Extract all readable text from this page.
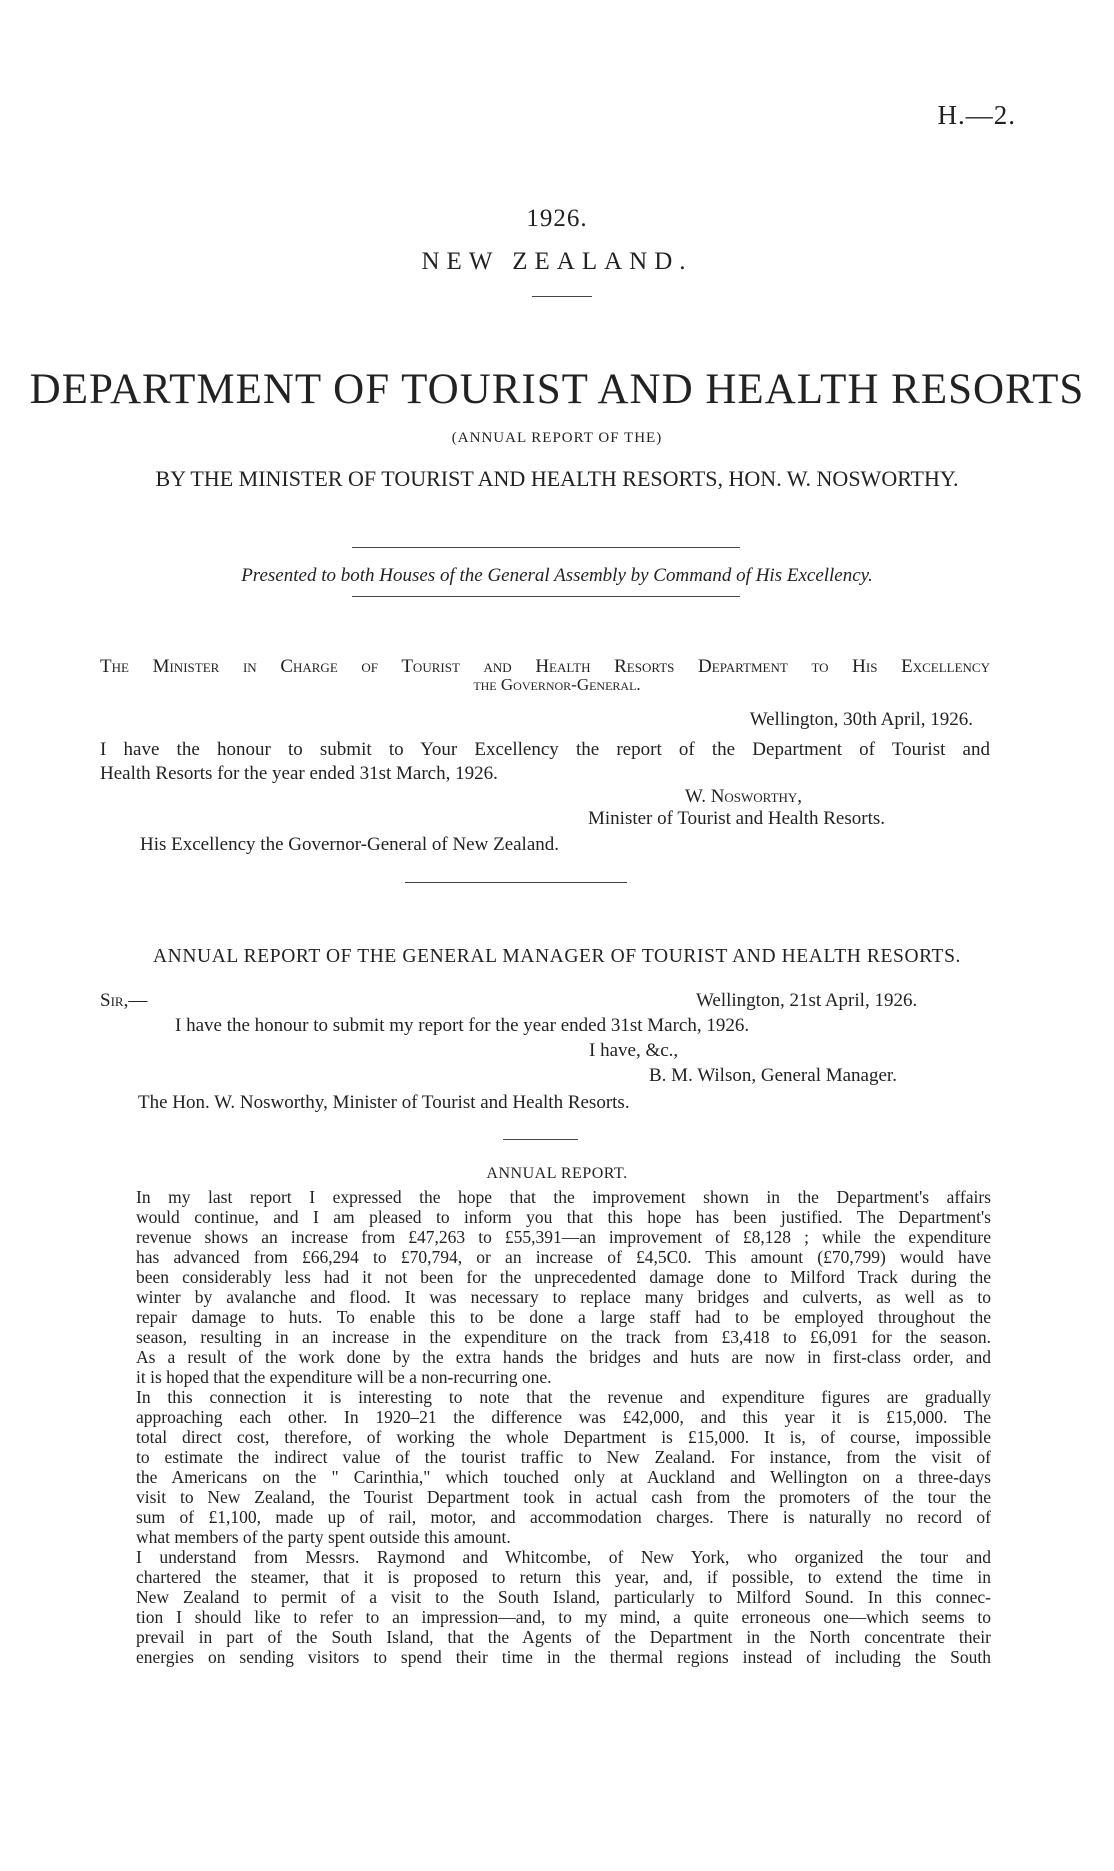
H.—2.
1926.
NEW ZEALAND.
DEPARTMENT OF TOURIST AND HEALTH RESORTS
(ANNUAL REPORT OF THE)
BY THE MINISTER OF TOURIST AND HEALTH RESORTS, HON. W. NOSWORTHY.
Presented to both Houses of the General Assembly by Command of His Excellency.
The Minister in Charge of Tourist and Health Resorts Department to His Excellency
the Governor-General.
Wellington, 30th April, 1926.
I have the honour to submit to Your Excellency the report of the Department of Tourist and
Health Resorts for the year ended 31st March, 1926.
W. Nosworthy,
Minister of Tourist and Health Resorts.
His Excellency the Governor-General of New Zealand.
ANNUAL REPORT OF THE GENERAL MANAGER OF TOURIST AND HEALTH RESORTS.
Sir,—	Wellington, 21st April, 1926.
I have the honour to submit my report for the year ended 31st March, 1926.
I have, &c.,
B. M. Wilson, General Manager.
The Hon. W. Nosworthy, Minister of Tourist and Health Resorts.
ANNUAL REPORT.

In my last report I expressed the hope that the improvement shown in the Department's affairs
would continue, and I am pleased to inform you that this hope has been justified. The Department's
revenue shows an increase from £47,263 to £55,391—an improvement of £8,128 ; while the expenditure
has advanced from £66,294 to £70,794, or an increase of £4,5C0. This amount (£70,799) would have
been considerably less had it not been for the unprecedented damage done to Milford Track during the
winter by avalanche and flood. It was necessary to replace many bridges and culverts, as well as to
repair damage to huts. To enable this to be done a large staff had to be employed throughout the
season, resulting in an increase in the expenditure on the track from £3,418 to £6,091 for the season.
As a result of the work done by the extra hands the bridges and huts are now in first-class order, and
it is hoped that the expenditure will be a non-recurring one.

In this connection it is interesting to note that the revenue and expenditure figures are gradually
approaching each other. In 1920–21 the difference was £42,000, and this year it is £15,000. The
total direct cost, therefore, of working the whole Department is £15,000. It is, of course, impossible
to estimate the indirect value of the tourist traffic to New Zealand. For instance, from the visit of
the Americans on the " Carinthia," which touched only at Auckland and Wellington on a three-days
visit to New Zealand, the Tourist Department took in actual cash from the promoters of the tour the
sum of £1,100, made up of rail, motor, and accommodation charges. There is naturally no record of
what members of the party spent outside this amount.

I understand from Messrs. Raymond and Whitcombe, of New York, who organized the tour and
chartered the steamer, that it is proposed to return this year, and, if possible, to extend the time in
New Zealand to permit of a visit to the South Island, particularly to Milford Sound. In this connec-
tion I should like to refer to an impression—and, to my mind, a quite erroneous one—which seems to
prevail in part of the South Island, that the Agents of the Department in the North concentrate their
energies on sending visitors to spend their time in the thermal regions instead of including the South
